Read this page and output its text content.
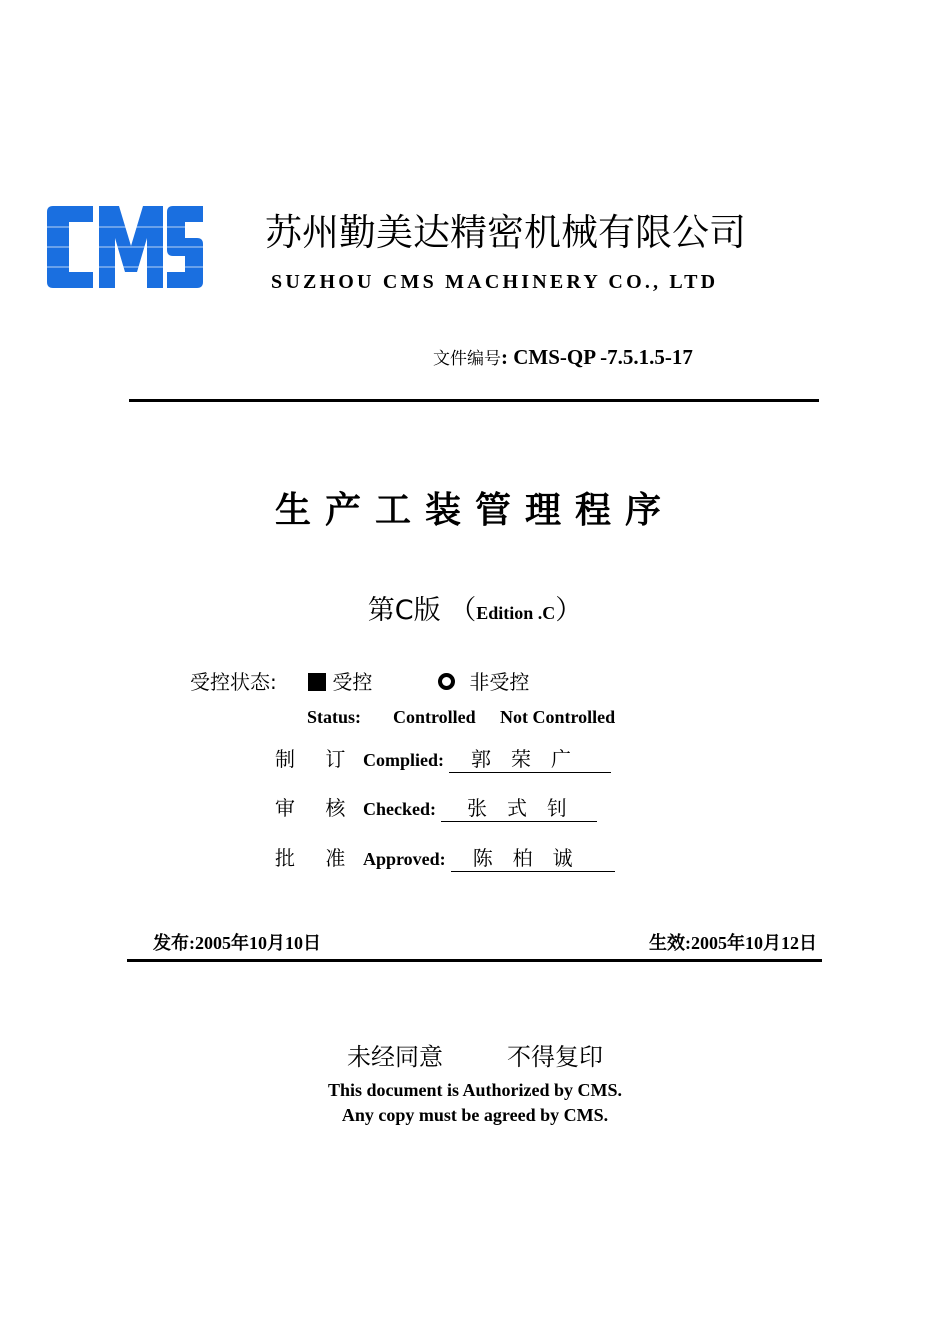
苏州勤美达精密机械有限公司
SUZHOU CMS MACHINERY CO., LTD
文件编号: CMS-QP -7.5.1.5-17
生产工装管理程序
第C版 （Edition .C）
受控状态:	受控	非受控
Status: Controlled Not Controlled
制 订 Complied: 郭　荣　广
审 核 Checked: 张　式　钊
批 准 Approved: 陈　柏　诚
发布:2005年10月10日	生效:2005年10月12日
未经同意	不得复印
This document is Authorized by CMS.
Any copy must be agreed by CMS.
